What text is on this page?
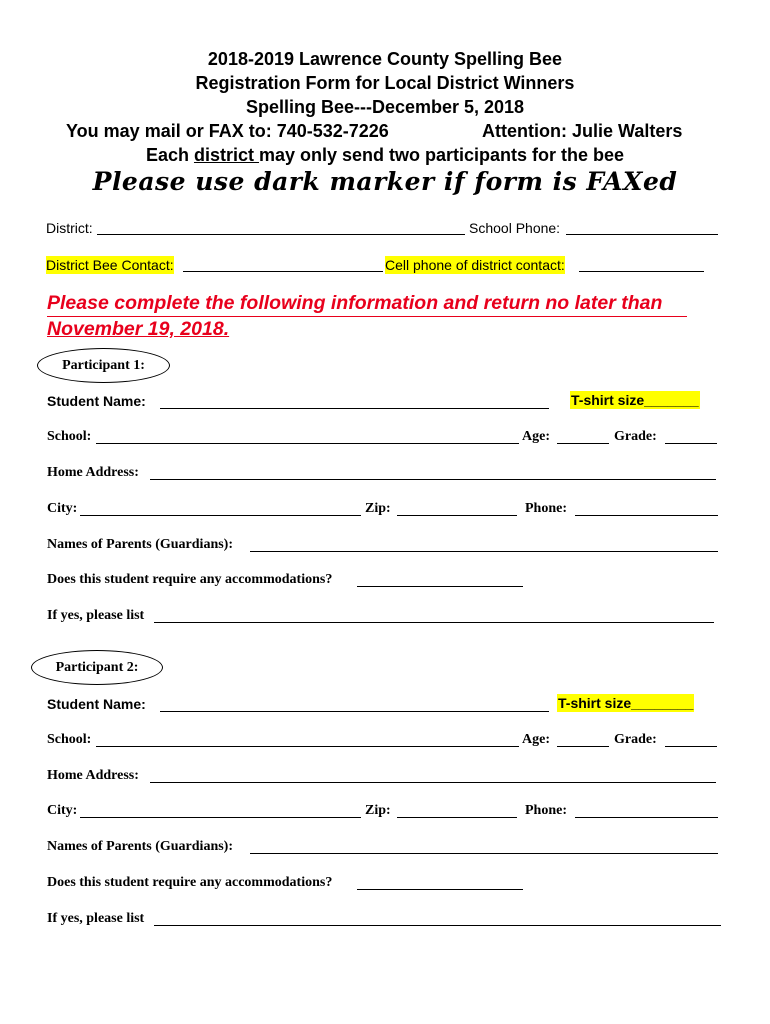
2018-2019 Lawrence County Spelling Bee
Registration Form for Local District Winners
Spelling Bee---December 5, 2018
You may mail or FAX to: 740-532-7226	Attention: Julie Walters
Each district may only send two participants for the bee
Please use dark marker if form is FAXed
District:	School Phone:
District Bee Contact:	Cell phone of district contact:
Please complete the following information and return no later than
November 19, 2018.
Participant 1:
Student Name:	T-shirt size_______
School:	Age:	Grade:
Home Address:
City:	Zip:	Phone:
Names of Parents (Guardians):
Does this student require any accommodations?
If yes, please list
Participant 2:
Student Name:	T-shirt size________
School:	Age:	Grade:
Home Address:
City:	Zip:	Phone:
Names of Parents (Guardians):
Does this student require any accommodations?
If yes, please list
